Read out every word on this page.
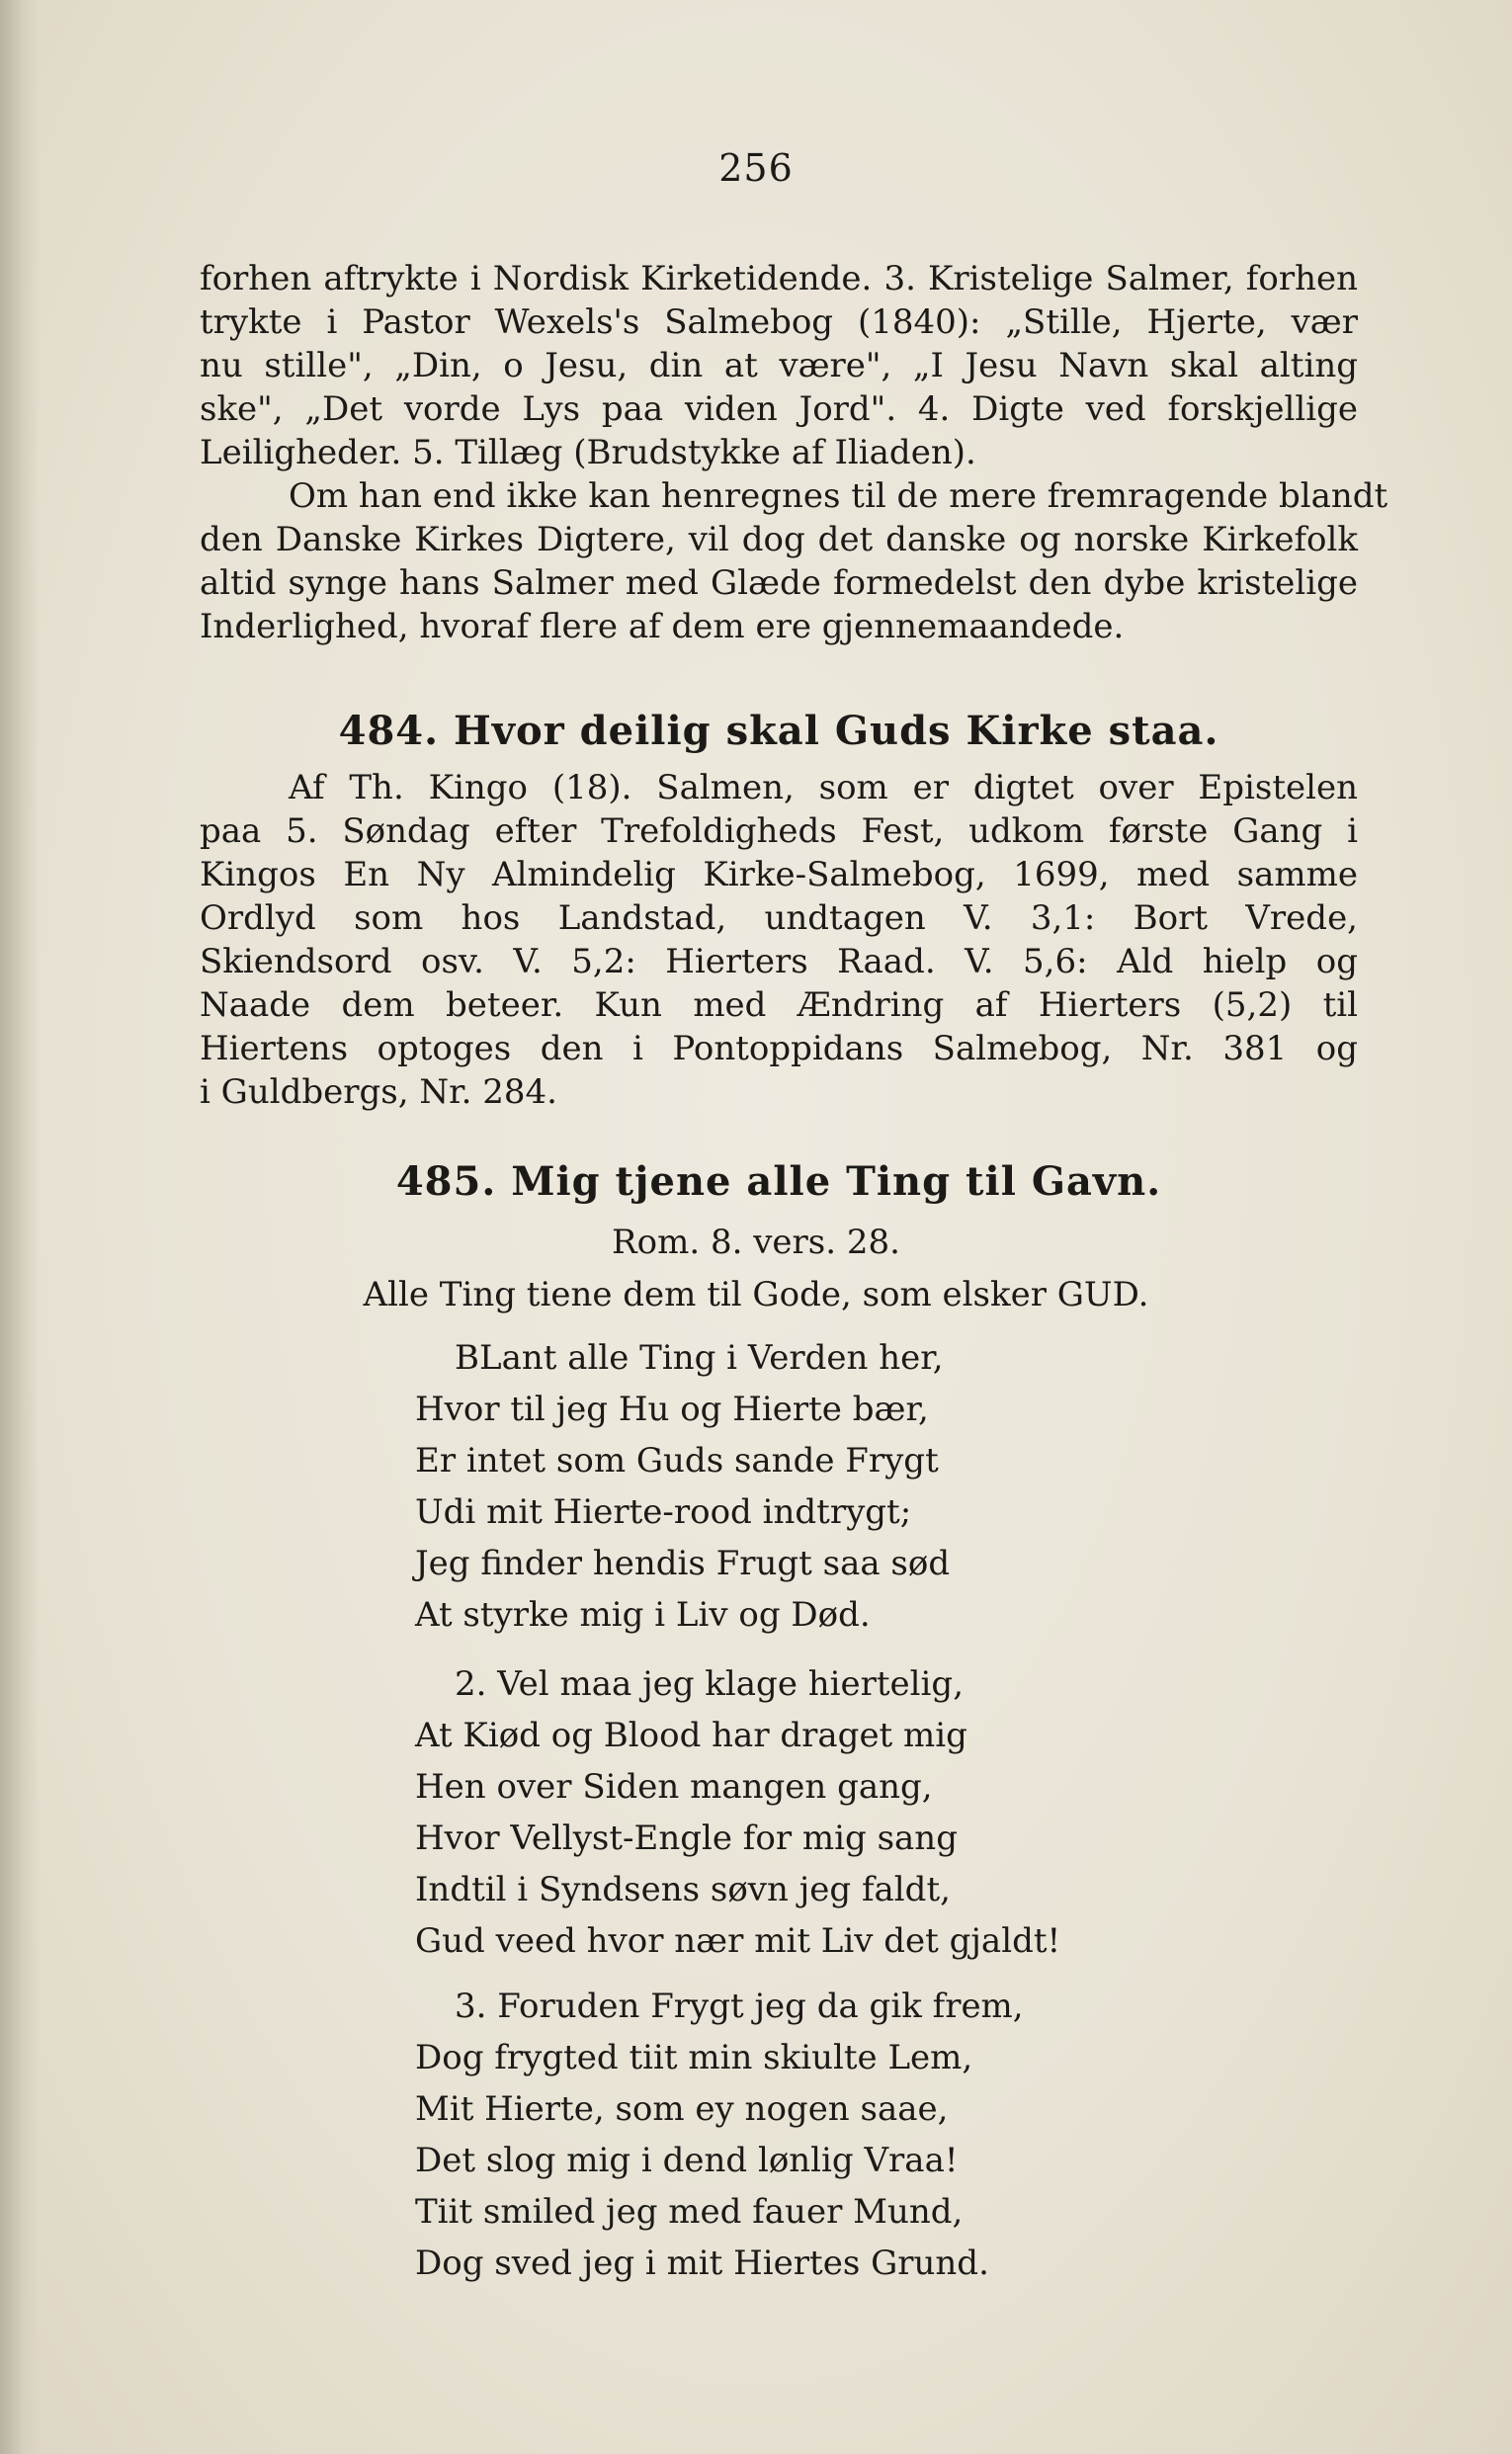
256
forhen aftrykte i Nordisk Kirketidende. 3. Kristelige Salmer, forhen
trykte i Pastor Wexels's Salmebog (1840): „Stille, Hjerte, vær
nu stille", „Din, o Jesu, din at være", „I Jesu Navn skal alting
ske", „Det vorde Lys paa viden Jord". 4. Digte ved forskjellige
Leiligheder. 5. Tillæg (Brudstykke af Iliaden).
Om han end ikke kan henregnes til de mere fremragende blandt
den Danske Kirkes Digtere, vil dog det danske og norske Kirkefolk
altid synge hans Salmer med Glæde formedelst den dybe kristelige
Inderlighed, hvoraf flere af dem ere gjennemaandede.
484. Hvor deilig skal Guds Kirke staa.
Af Th. Kingo (18). Salmen, som er digtet over Epistelen
paa 5. Søndag efter Trefoldigheds Fest, udkom første Gang i
Kingos En Ny Almindelig Kirke-Salmebog, 1699, med samme
Ordlyd som hos Landstad, undtagen V. 3,1: Bort Vrede,
Skiendsord osv. V. 5,2: Hierters Raad. V. 5,6: Ald hielp og
Naade dem beteer. Kun med Ændring af Hierters (5,2) til
Hiertens optoges den i Pontoppidans Salmebog, Nr. 381 og
i Guldbergs, Nr. 284.
485. Mig tjene alle Ting til Gavn.
Rom. 8. vers. 28.
Alle Ting tiene dem til Gode, som elsker GUD.
BLant alle Ting i Verden her,
Hvor til jeg Hu og Hierte bær,
Er intet som Guds sande Frygt
Udi mit Hierte-rood indtrygt;
Jeg finder hendis Frugt saa sød
At styrke mig i Liv og Død.
2. Vel maa jeg klage hiertelig,
At Kiød og Blood har draget mig
Hen over Siden mangen gang,
Hvor Vellyst-Engle for mig sang
Indtil i Syndsens søvn jeg faldt,
Gud veed hvor nær mit Liv det gjaldt!
3. Foruden Frygt jeg da gik frem,
Dog frygted tiit min skiulte Lem,
Mit Hierte, som ey nogen saae,
Det slog mig i dend lønlig Vraa!
Tiit smiled jeg med fauer Mund,
Dog sved jeg i mit Hiertes Grund.
